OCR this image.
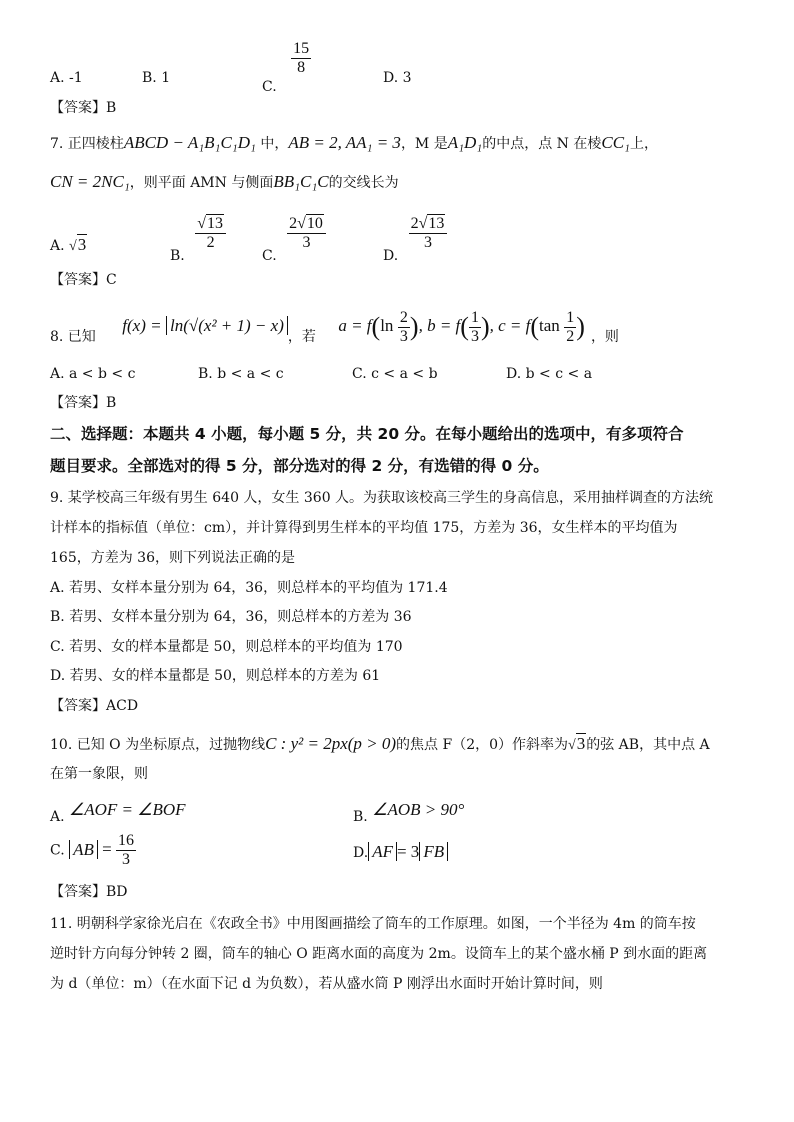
A. -1	B. 1
C.
$\frac{15}{8}$
D. 3
【答案】B
7. 正四棱柱ABCD − A₁B₁C₁D₁ 中，AB = 2, AA₁ = 3，M 是A₁D₁的中点，点 N 在棱CC₁上，
CN = 2NC₁，则平面 AMN 与侧面BB₁C₁C的交线长为
A. √3
B.
$\frac{√13}{2}$
C.
$\frac{2√10}{3}$
D.
$\frac{2√13}{3}$
【答案】C
8. 已知 f(x) = ln(√(x² + 1) − x)，若 $a = f(\ln \frac{2}{3}$ ), $b = f( \frac{1}{3}$ ), $c = f(\tan \frac{1}{2}$ ) ，则
A. a < b < c	B. b < a < c	C. c < a < b	D. b < c < a
【答案】B
二、选择题：本题共 4 小题，每小题 5 分，共 20 分。在每小题给出的选项中，有多项符合
题目要求。全部选对的得 5 分，部分选对的得 2 分，有选错的得 0 分。
9. 某学校高三年级有男生 640 人，女生 360 人。为获取该校高三学生的身高信息，采用抽样调查的方法统
计样本的指标值（单位：cm），并计算得到男生样本的平均值 175，方差为 36，女生样本的平均值为
165，方差为 36，则下列说法正确的是
A. 若男、女样本量分别为 64，36，则总样本的平均值为 171.4
B. 若男、女样本量分别为 64，36，则总样本的方差为 36
C. 若男、女的样本量都是 50，则总样本的平均值为 170
D. 若男、女的样本量都是 50，则总样本的方差为 61
【答案】ACD
10. 已知 O 为坐标原点，过抛物线C : y² = 2px(p > 0)的焦点 F（2，0）作斜率为√3的弦 AB，其中点 A
在第一象限，则
A. ∠AOF = ∠BOF	B. ∠AOB > 90°
C. AB = $\frac{16}{3}$	D. AF = 3 FB
【答案】BD
11. 明朝科学家徐光启在《农政全书》中用图画描绘了筒车的工作原理。如图，一个半径为 4m 的筒车按
逆时针方向每分钟转 2 圈，筒车的轴心 O 距离水面的高度为 2m。设筒车上的某个盛水桶 P 到水面的距离
为 d（单位：m）（在水面下记 d 为负数），若从盛水筒 P 刚浮出水面时开始计算时间，则
